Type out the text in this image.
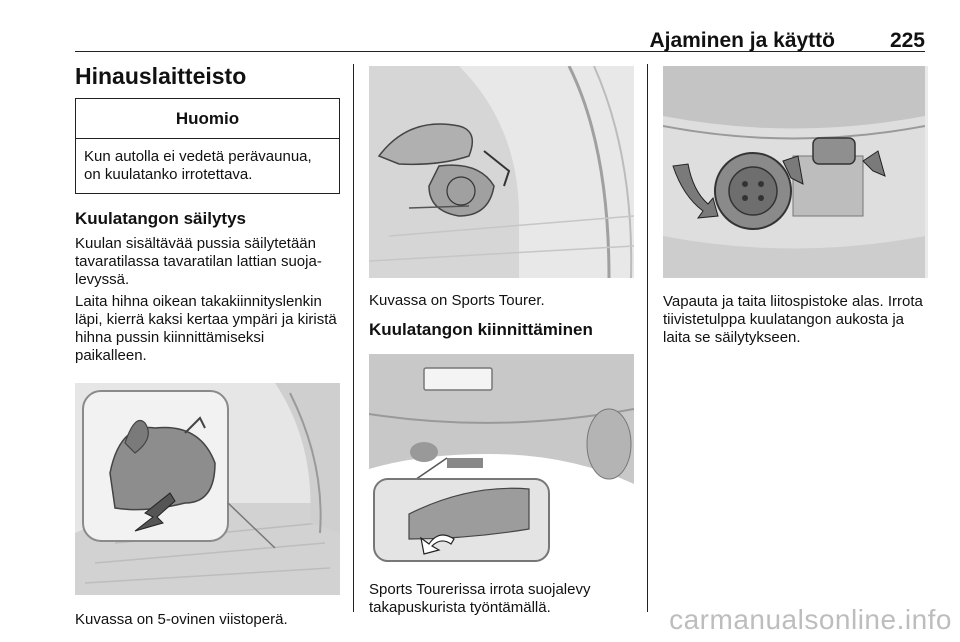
Ajaminen ja käyttö	225
Hinauslaitteisto
Huomio
Kun autolla ei vedetä perävaunua, on kuulatanko irrotettava.
Kuulatangon säilytys

Kuulan sisältävää pussia säilytetään tavaratilassa tavaratilan lattian suojalevyssä.

Laita hihna oikean takakiinnityslenkin läpi, kierrä kaksi kertaa ympäri ja kiristä hihna pussin kiinnittämiseksi paikalleen.

Kuvassa on 5-ovinen viistoperä.

Kuvassa on Sports Tourer.

Kuulatangon kiinnittäminen

Sports Tourerissa irrota suojalevy takapuskurista työntämällä.

Vapauta ja taita liitospistoke alas. Irrota tiivistetulppa kuulatangon aukosta ja laita se säilytykseen.

carmanualsonline.info
